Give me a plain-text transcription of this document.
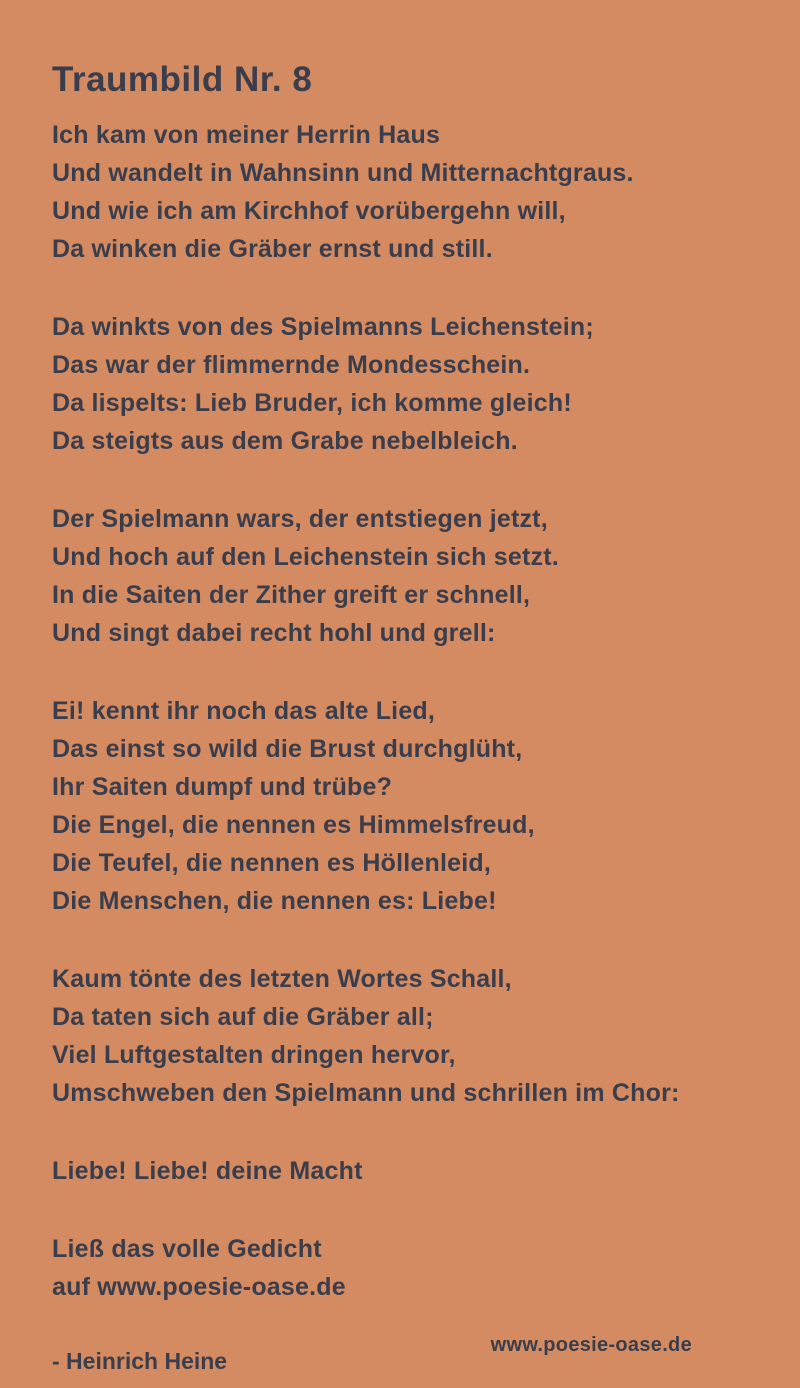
Traumbild Nr. 8
Ich kam von meiner Herrin Haus
Und wandelt in Wahnsinn und Mitternachtgraus.
Und wie ich am Kirchhof vorübergehn will,
Da winken die Gräber ernst und still.
Da winkts von des Spielmanns Leichenstein;
Das war der flimmernde Mondesschein.
Da lispelts: Lieb Bruder, ich komme gleich!
Da steigts aus dem Grabe nebelbleich.
Der Spielmann wars, der entstiegen jetzt,
Und hoch auf den Leichenstein sich setzt.
In die Saiten der Zither greift er schnell,
Und singt dabei recht hohl und grell:
Ei! kennt ihr noch das alte Lied,
Das einst so wild die Brust durchglüht,
Ihr Saiten dumpf und trübe?
Die Engel, die nennen es Himmelsfreud,
Die Teufel, die nennen es Höllenleid,
Die Menschen, die nennen es: Liebe!
Kaum tönte des letzten Wortes Schall,
Da taten sich auf die Gräber all;
Viel Luftgestalten dringen hervor,
Umschweben den Spielmann und schrillen im Chor:
Liebe! Liebe! deine Macht
Ließ das volle Gedicht
auf www.poesie-oase.de
- Heinrich Heine
www.poesie-oase.de
